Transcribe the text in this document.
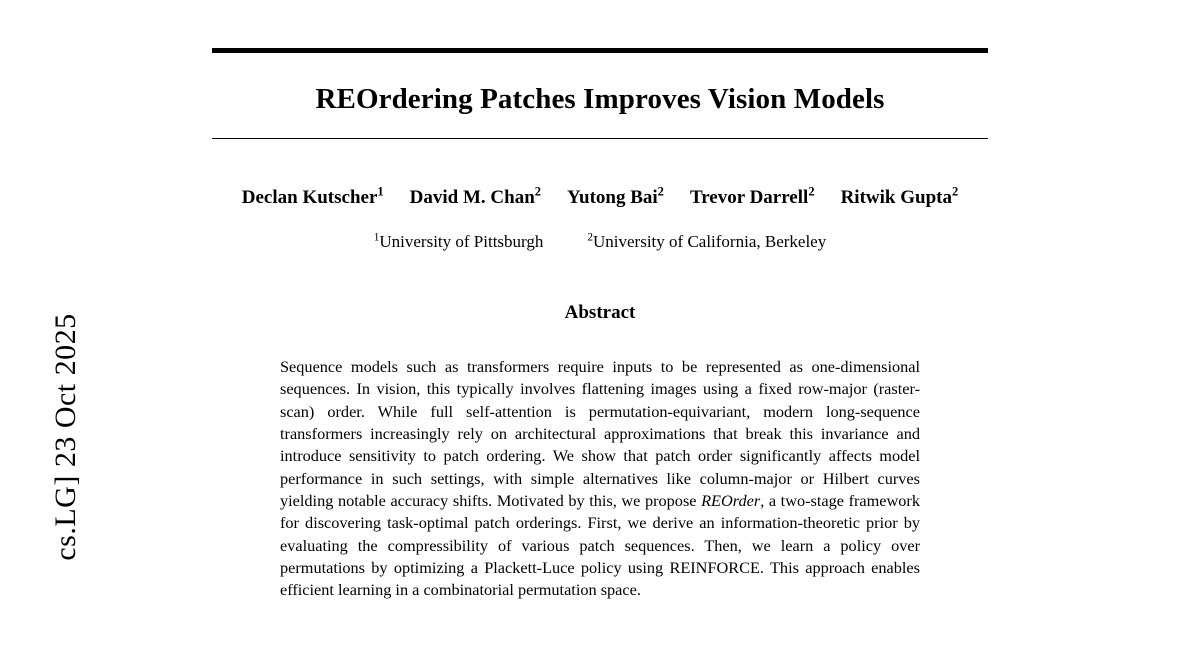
cs.LG] 23 Oct 2025
REOrdering Patches Improves Vision Models
Declan Kutscher$^1$ David M. Chan$^2$ Yutong Bai$^2$ Trevor Darrell$^2$ Ritwik Gupta$^2$
$^1$University of Pittsburgh	$^2$University of California, Berkeley
Abstract
Sequence models such as transformers require inputs to be represented as one-dimensional sequences. In vision, this typically involves flattening images using a fixed row-major (raster-scan) order. While full self-attention is permutation-equivariant, modern long-sequence transformers increasingly rely on architectural approximations that break this invariance and introduce sensitivity to patch ordering. We show that patch order significantly affects model performance in such settings, with simple alternatives like column-major or Hilbert curves yielding notable accuracy shifts. Motivated by this, we propose REOrder, a two-stage framework for discovering task-optimal patch orderings. First, we derive an information-theoretic prior by evaluating the compressibility of various patch sequences. Then, we learn a policy over permutations by optimizing a Plackett-Luce policy using REINFORCE. This approach enables efficient learning in a combinatorial permutation space.
